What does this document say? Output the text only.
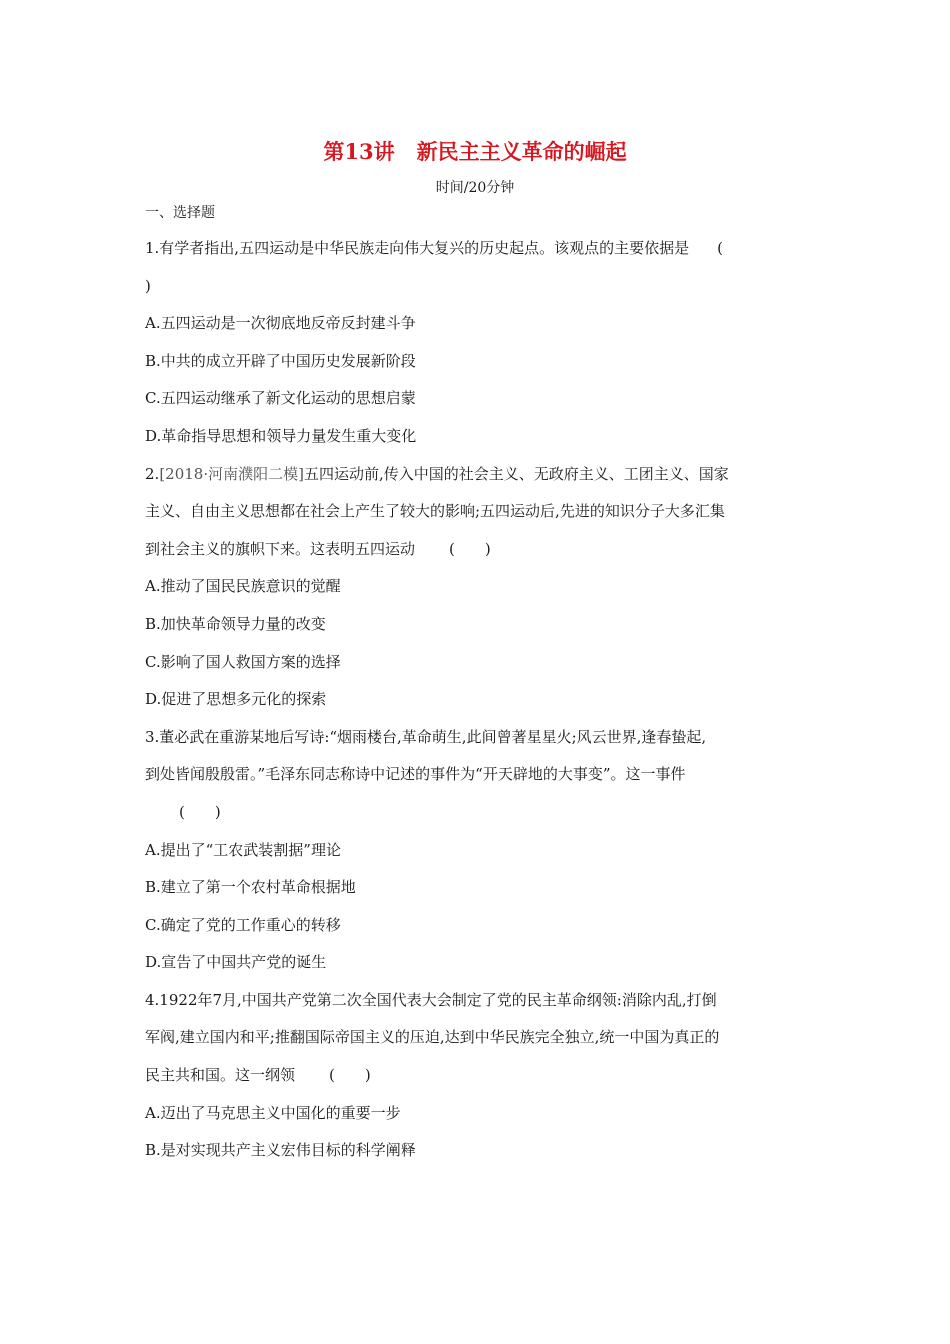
第13讲 新民主主义革命的崛起
时间/20分钟
一、选择题
1.有学者指出,五四运动是中华民族走向伟大复兴的历史起点。该观点的主要依据是 (
)
A.五四运动是一次彻底地反帝反封建斗争
B.中共的成立开辟了中国历史发展新阶段
C.五四运动继承了新文化运动的思想启蒙
D.革命指导思想和领导力量发生重大变化
2.[2018·河南濮阳二模]五四运动前,传入中国的社会主义、无政府主义、工团主义、国家
主义、自由主义思想都在社会上产生了较大的影响;五四运动后,先进的知识分子大多汇集
到社会主义的旗帜下来。这表明五四运动 (　　)
A.推动了国民民族意识的觉醒
B.加快革命领导力量的改变
C.影响了国人救国方案的选择
D.促进了思想多元化的探索
3.董必武在重游某地后写诗:“烟雨楼台,革命萌生,此间曾著星星火;风云世界,逢春蛰起,
到处皆闻殷殷雷。”毛泽东同志称诗中记述的事件为“开天辟地的大事变”。这一事件
(　　)
A.提出了“工农武装割据”理论
B.建立了第一个农村革命根据地
C.确定了党的工作重心的转移
D.宣告了中国共产党的诞生
4.1922年7月,中国共产党第二次全国代表大会制定了党的民主革命纲领:消除内乱,打倒
军阀,建立国内和平;推翻国际帝国主义的压迫,达到中华民族完全独立,统一中国为真正的
民主共和国。这一纲领 (　　)
A.迈出了马克思主义中国化的重要一步
B.是对实现共产主义宏伟目标的科学阐释
